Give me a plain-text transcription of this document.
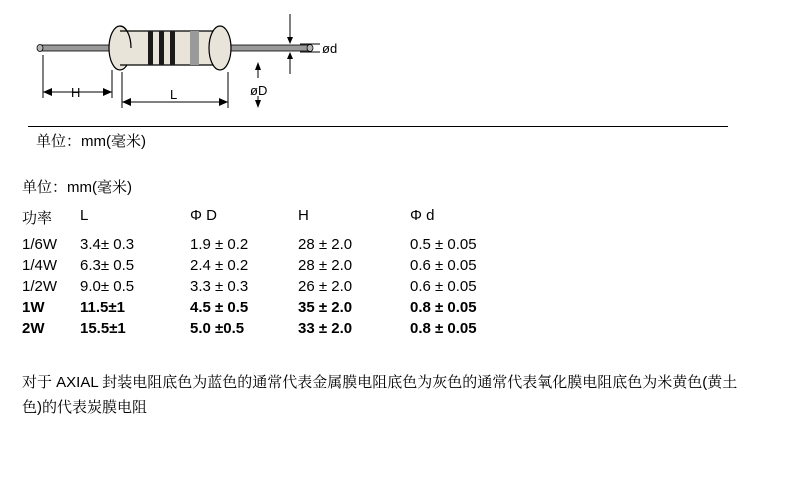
ød
øD
H	L
单位：mm(毫米)
单位：mm(毫米)
功率	L	Φ D	H	Φ d
1/6W	3.4± 0.3	1.9 ± 0.2	28 ± 2.0	0.5 ± 0.05
1/4W	6.3± 0.5	2.4 ± 0.2	28 ± 2.0	0.6 ± 0.05
1/2W	9.0± 0.5	3.3 ± 0.3	26 ± 2.0	0.6 ± 0.05
1W	11.5±1	4.5 ± 0.5	35 ± 2.0	0.8 ± 0.05
2W	15.5±1	5.0 ±0.5	33 ± 2.0	0.8 ± 0.05
对于 AXIAL 封装电阻底色为蓝色的通常代表金属膜电阻底色为灰色的通常代表氧化膜电阻底色为米黄色(黄土色)的代表炭膜电阻
